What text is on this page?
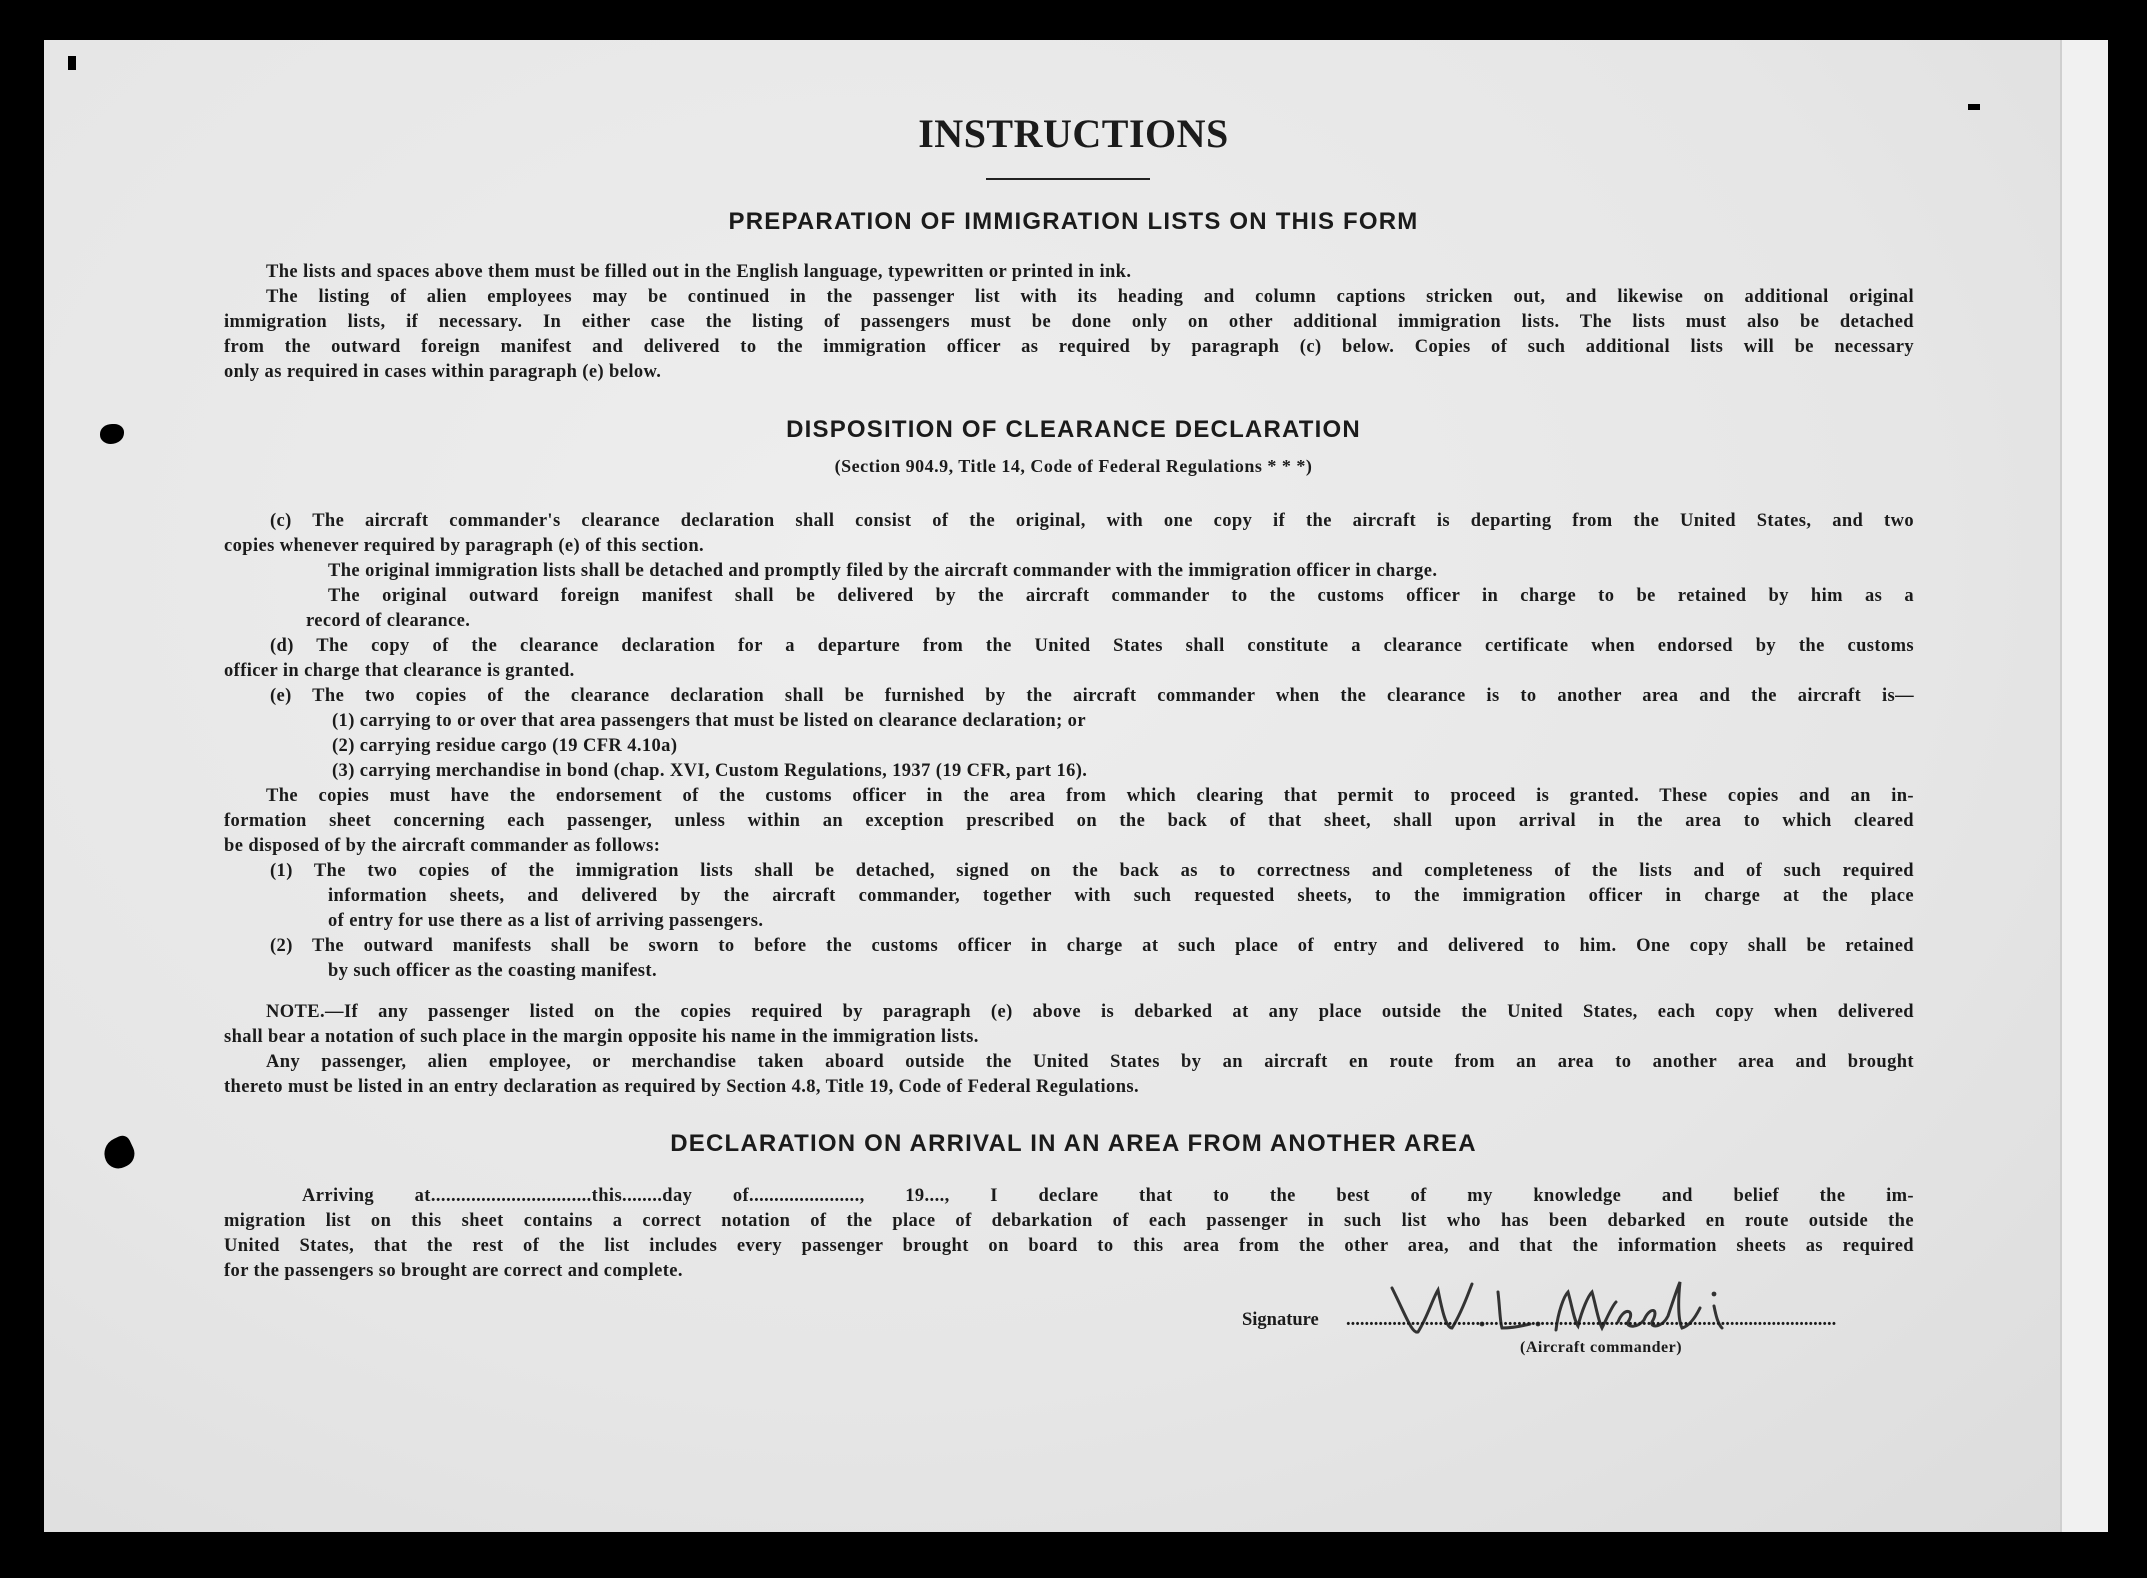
INSTRUCTIONS
PREPARATION OF IMMIGRATION LISTS ON THIS FORM
The lists and spaces above them must be filled out in the English language, typewritten or printed in ink.
The listing of alien employees may be continued in the passenger list with its heading and column captions stricken out, and likewise on additional original
immigration lists, if necessary. In either case the listing of passengers must be done only on other additional immigration lists. The lists must also be detached
from the outward foreign manifest and delivered to the immigration officer as required by paragraph (c) below. Copies of such additional lists will be necessary
only as required in cases within paragraph (e) below.
DISPOSITION OF CLEARANCE DECLARATION
(Section 904.9, Title 14, Code of Federal Regulations * * *)
(c) The aircraft commander's clearance declaration shall consist of the original, with one copy if the aircraft is departing from the United States, and two
copies whenever required by paragraph (e) of this section.
The original immigration lists shall be detached and promptly filed by the aircraft commander with the immigration officer in charge.
The original outward foreign manifest shall be delivered by the aircraft commander to the customs officer in charge to be retained by him as a
record of clearance.
(d) The copy of the clearance declaration for a departure from the United States shall constitute a clearance certificate when endorsed by the customs
officer in charge that clearance is granted.
(e) The two copies of the clearance declaration shall be furnished by the aircraft commander when the clearance is to another area and the aircraft is—
(1) carrying to or over that area passengers that must be listed on clearance declaration; or
(2) carrying residue cargo (19 CFR 4.10a)
(3) carrying merchandise in bond (chap. XVI, Custom Regulations, 1937 (19 CFR, part 16).
The copies must have the endorsement of the customs officer in the area from which clearing that permit to proceed is granted. These copies and an in-
formation sheet concerning each passenger, unless within an exception prescribed on the back of that sheet, shall upon arrival in the area to which cleared
be disposed of by the aircraft commander as follows:
(1) The two copies of the immigration lists shall be detached, signed on the back as to correctness and completeness of the lists and of such required
information sheets, and delivered by the aircraft commander, together with such requested sheets, to the immigration officer in charge at the place
of entry for use there as a list of arriving passengers.
(2) The outward manifests shall be sworn to before the customs officer in charge at such place of entry and delivered to him. One copy shall be retained
by such officer as the coasting manifest.
NOTE.—If any passenger listed on the copies required by paragraph (e) above is debarked at any place outside the United States, each copy when delivered
shall bear a notation of such place in the margin opposite his name in the immigration lists.
Any passenger, alien employee, or merchandise taken aboard outside the United States by an aircraft en route from an area to another area and brought
thereto must be listed in an entry declaration as required by Section 4.8, Title 19, Code of Federal Regulations.
DECLARATION ON ARRIVAL IN AN AREA FROM ANOTHER AREA
Arriving at................................this........day of......................, 19...., I declare that to the best of my knowledge and belief the im-
migration list on this sheet contains a correct notation of the place of debarkation of each passenger in such list who has been debarked en route outside the
United States, that the rest of the list includes every passenger brought on board to this area from the other area, and that the information sheets as required
for the passengers so brought are correct and complete.
Signature ..........................................................................................................
(Aircraft commander)
